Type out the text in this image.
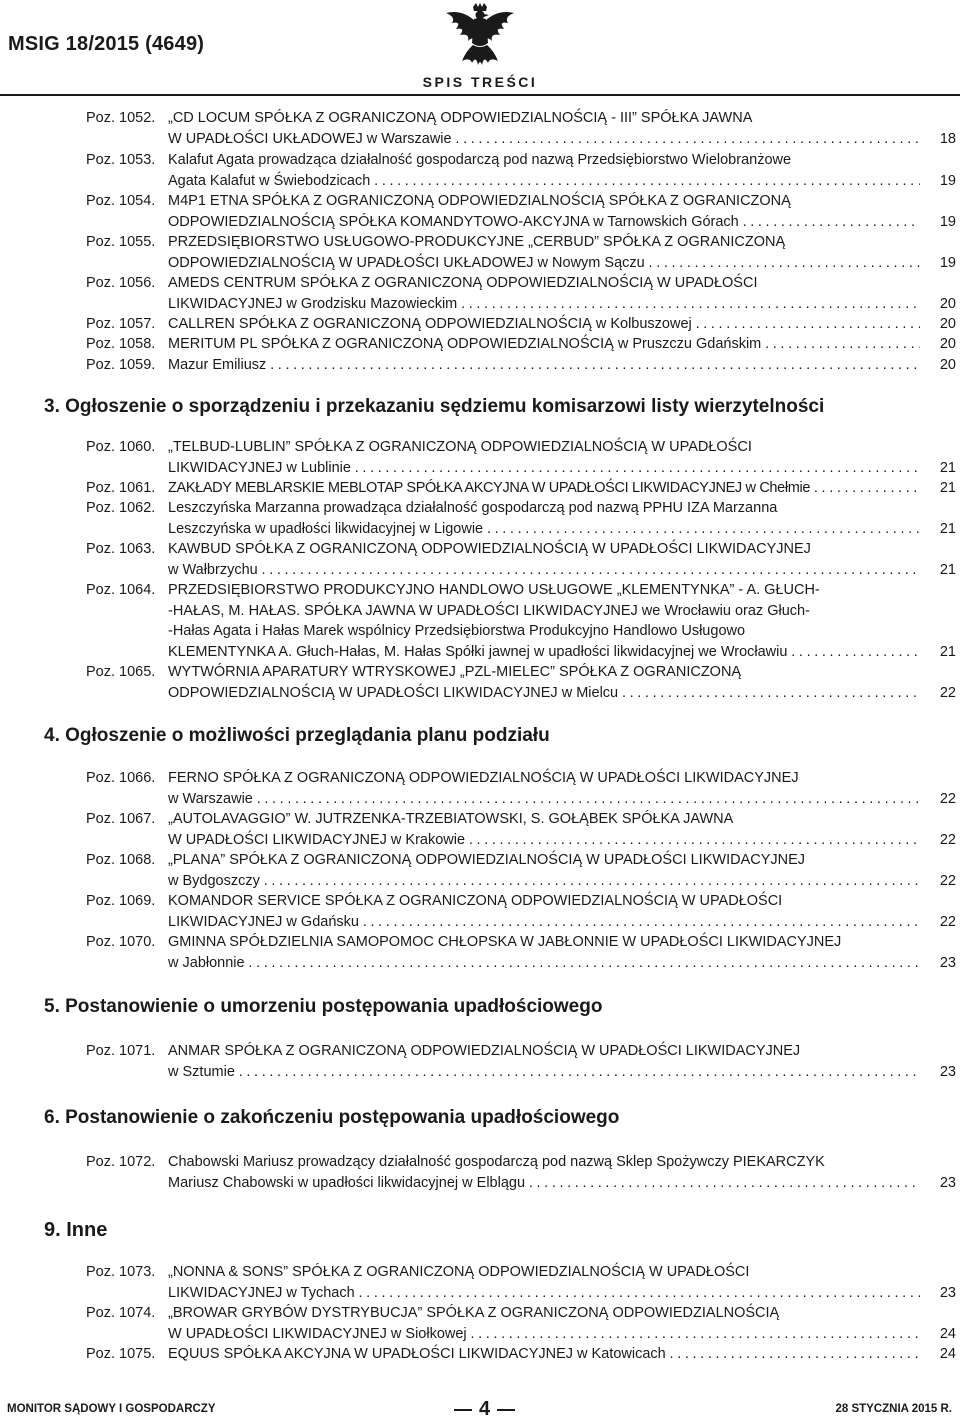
MSIG 18/2015 (4649)
SPIS TREŚCI
Poz. 1052. „CD LOCUM SPÓŁKA Z OGRANICZONĄ ODPOWIEDZIALNOŚCIĄ - III” SPÓŁKA JAWNA
W UPADŁOŚCI UKŁADOWEJ w Warszawie . . .	18
Poz. 1053. Kalafut Agata prowadząca działalność gospodarczą pod nazwą Przedsiębiorstwo Wielobranżowe
Agata Kalafut w Świebodzicach . . .	19
Poz. 1054. M4P1 ETNA SPÓŁKA Z OGRANICZONĄ ODPOWIEDZIALNOŚCIĄ SPÓŁKA Z OGRANICZONĄ
ODPOWIEDZIALNOŚCIĄ SPÓŁKA KOMANDYTOWO-AKCYJNA w Tarnowskich Górach . . .	19
Poz. 1055. PRZEDSIĘBIORSTWO USŁUGOWO-PRODUKCYJNE „CERBUD” SPÓŁKA Z OGRANICZONĄ
ODPOWIEDZIALNOŚCIĄ W UPADŁOŚCI UKŁADOWEJ w Nowym Sączu . . .	19
Poz. 1056. AMEDS CENTRUM SPÓŁKA Z OGRANICZONĄ ODPOWIEDZIALNOŚCIĄ W UPADŁOŚCI
LIKWIDACYJNEJ w Grodzisku Mazowieckim . . .	20
Poz. 1057. CALLREN SPÓŁKA Z OGRANICZONĄ ODPOWIEDZIALNOŚCIĄ w Kolbuszowej . . .	20
Poz. 1058. MERITUM PL SPÓŁKA Z OGRANICZONĄ ODPOWIEDZIALNOŚCIĄ w Pruszczu Gdańskim . . .	20
Poz. 1059. Mazur Emiliusz . . .	20
3. Ogłoszenie o sporządzeniu i przekazaniu sędziemu komisarzowi listy wierzytelności
Poz. 1060. „TELBUD-LUBLIN” SPÓŁKA Z OGRANICZONĄ ODPOWIEDZIALNOŚCIĄ W UPADŁOŚCI
LIKWIDACYJNEJ w Lublinie . . .	21
Poz. 1061. ZAKŁADY MEBLARSKIE MEBLOTAP SPÓŁKA AKCYJNA W UPADŁOŚCI LIKWIDACYJNEJ w Chełmie . . .	21
Poz. 1062. Leszczyńska Marzanna prowadząca działalność gospodarczą pod nazwą PPHU IZA Marzanna
Leszczyńska w upadłości likwidacyjnej w Ligowie . . .	21
Poz. 1063. KAWBUD SPÓŁKA Z OGRANICZONĄ ODPOWIEDZIALNOŚCIĄ W UPADŁOŚCI LIKWIDACYJNEJ
w Wałbrzychu . . .	21
Poz. 1064. PRZEDSIĘBIORSTWO PRODUKCYJNO HANDLOWO USŁUGOWE „KLEMENTYNKA” - A. GŁUCH-
-HAŁAS, M. HAŁAS. SPÓŁKA JAWNA W UPADŁOŚCI LIKWIDACYJNEJ we Wrocławiu oraz Głuch-
-Hałas Agata i Hałas Marek wspólnicy Przedsiębiorstwa Produkcyjno Handlowo Usługowo
KLEMENTYNKA A. Głuch-Hałas, M. Hałas Spółki jawnej w upadłości likwidacyjnej we Wrocławiu . . .	21
Poz. 1065. WYTWÓRNIA APARATURY WTRYSKOWEJ „PZL-MIELEC” SPÓŁKA Z OGRANICZONĄ
ODPOWIEDZIALNOŚCIĄ W UPADŁOŚCI LIKWIDACYJNEJ w Mielcu . . .	22
4. Ogłoszenie o możliwości przeglądania planu podziału
Poz. 1066. FERNO SPÓŁKA Z OGRANICZONĄ ODPOWIEDZIALNOŚCIĄ W UPADŁOŚCI LIKWIDACYJNEJ
w Warszawie . . .	22
Poz. 1067. „AUTOLAVAGGIO” W. JUTRZENKA-TRZEBIATOWSKI, S. GOŁĄBEK SPÓŁKA JAWNA
W UPADŁOŚCI LIKWIDACYJNEJ w Krakowie . . .	22
Poz. 1068. „PLANA” SPÓŁKA Z OGRANICZONĄ ODPOWIEDZIALNOŚCIĄ W UPADŁOŚCI LIKWIDACYJNEJ
w Bydgoszczy . . .	22
Poz. 1069. KOMANDOR SERVICE SPÓŁKA Z OGRANICZONĄ ODPOWIEDZIALNOŚCIĄ W UPADŁOŚCI
LIKWIDACYJNEJ w Gdańsku . . .	22
Poz. 1070. GMINNA SPÓŁDZIELNIA SAMOPOMOC CHŁOPSKA W JABŁONNIE W UPADŁOŚCI LIKWIDACYJNEJ
w Jabłonnie . . .	23
5. Postanowienie o umorzeniu postępowania upadłościowego
Poz. 1071. ANMAR SPÓŁKA Z OGRANICZONĄ ODPOWIEDZIALNOŚCIĄ W UPADŁOŚCI LIKWIDACYJNEJ
w Sztumie . . .	23
6. Postanowienie o zakończeniu postępowania upadłościowego
Poz. 1072. Chabowski Mariusz prowadzący działalność gospodarczą pod nazwą Sklep Spożywczy PIEKARCZYK
Mariusz Chabowski w upadłości likwidacyjnej w Elblągu . . .	23
9. Inne
Poz. 1073. „NONNA & SONS” SPÓŁKA Z OGRANICZONĄ ODPOWIEDZIALNOŚCIĄ W UPADŁOŚCI
LIKWIDACYJNEJ w Tychach . . .	23
Poz. 1074. „BROWAR GRYBÓW DYSTRYBUCJA” SPÓŁKA Z OGRANICZONĄ ODPOWIEDZIALNOŚCIĄ
W UPADŁOŚCI LIKWIDACYJNEJ w Siołkowej . . .	24
Poz. 1075. EQUUS SPÓŁKA AKCYJNA W UPADŁOŚCI LIKWIDACYJNEJ w Katowicach . . .	24
MONITOR SĄDOWY I GOSPODARCZY	4	28 STYCZNIA 2015 R.
